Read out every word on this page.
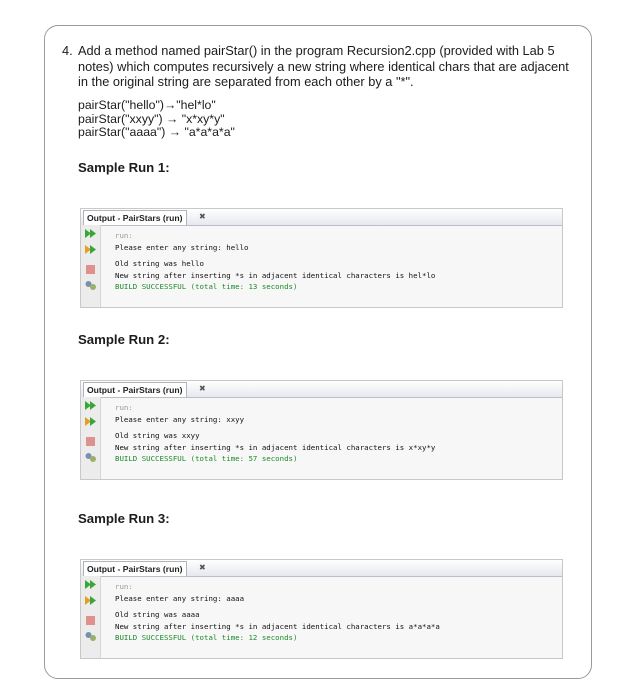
4. Add a method named pairStar() in the program Recursion2.cpp (provided with Lab 5 notes) which computes recursively a new string where identical chars that are adjacent in the original string are separated from each other by a "*".
pairStar("hello")→"hel*lo"
pairStar("xxyy") → "x*xy*y"
pairStar("aaaa") → "a*a*a*a"
Sample Run 1:
Output - PairStars (run)	✖
run:
Please enter any string: hello
Old string was hello
New string after inserting *s in adjacent identical characters is hel*lo
BUILD SUCCESSFUL (total time: 13 seconds)
Sample Run 2:
Output - PairStars (run)	✖
run:
Please enter any string: xxyy
Old string was xxyy
New string after inserting *s in adjacent identical characters is x*xy*y
BUILD SUCCESSFUL (total time: 57 seconds)
Sample Run 3:
Output - PairStars (run)	✖
run:
Please enter any string: aaaa
Old string was aaaa
New string after inserting *s in adjacent identical characters is a*a*a*a
BUILD SUCCESSFUL (total time: 12 seconds)
